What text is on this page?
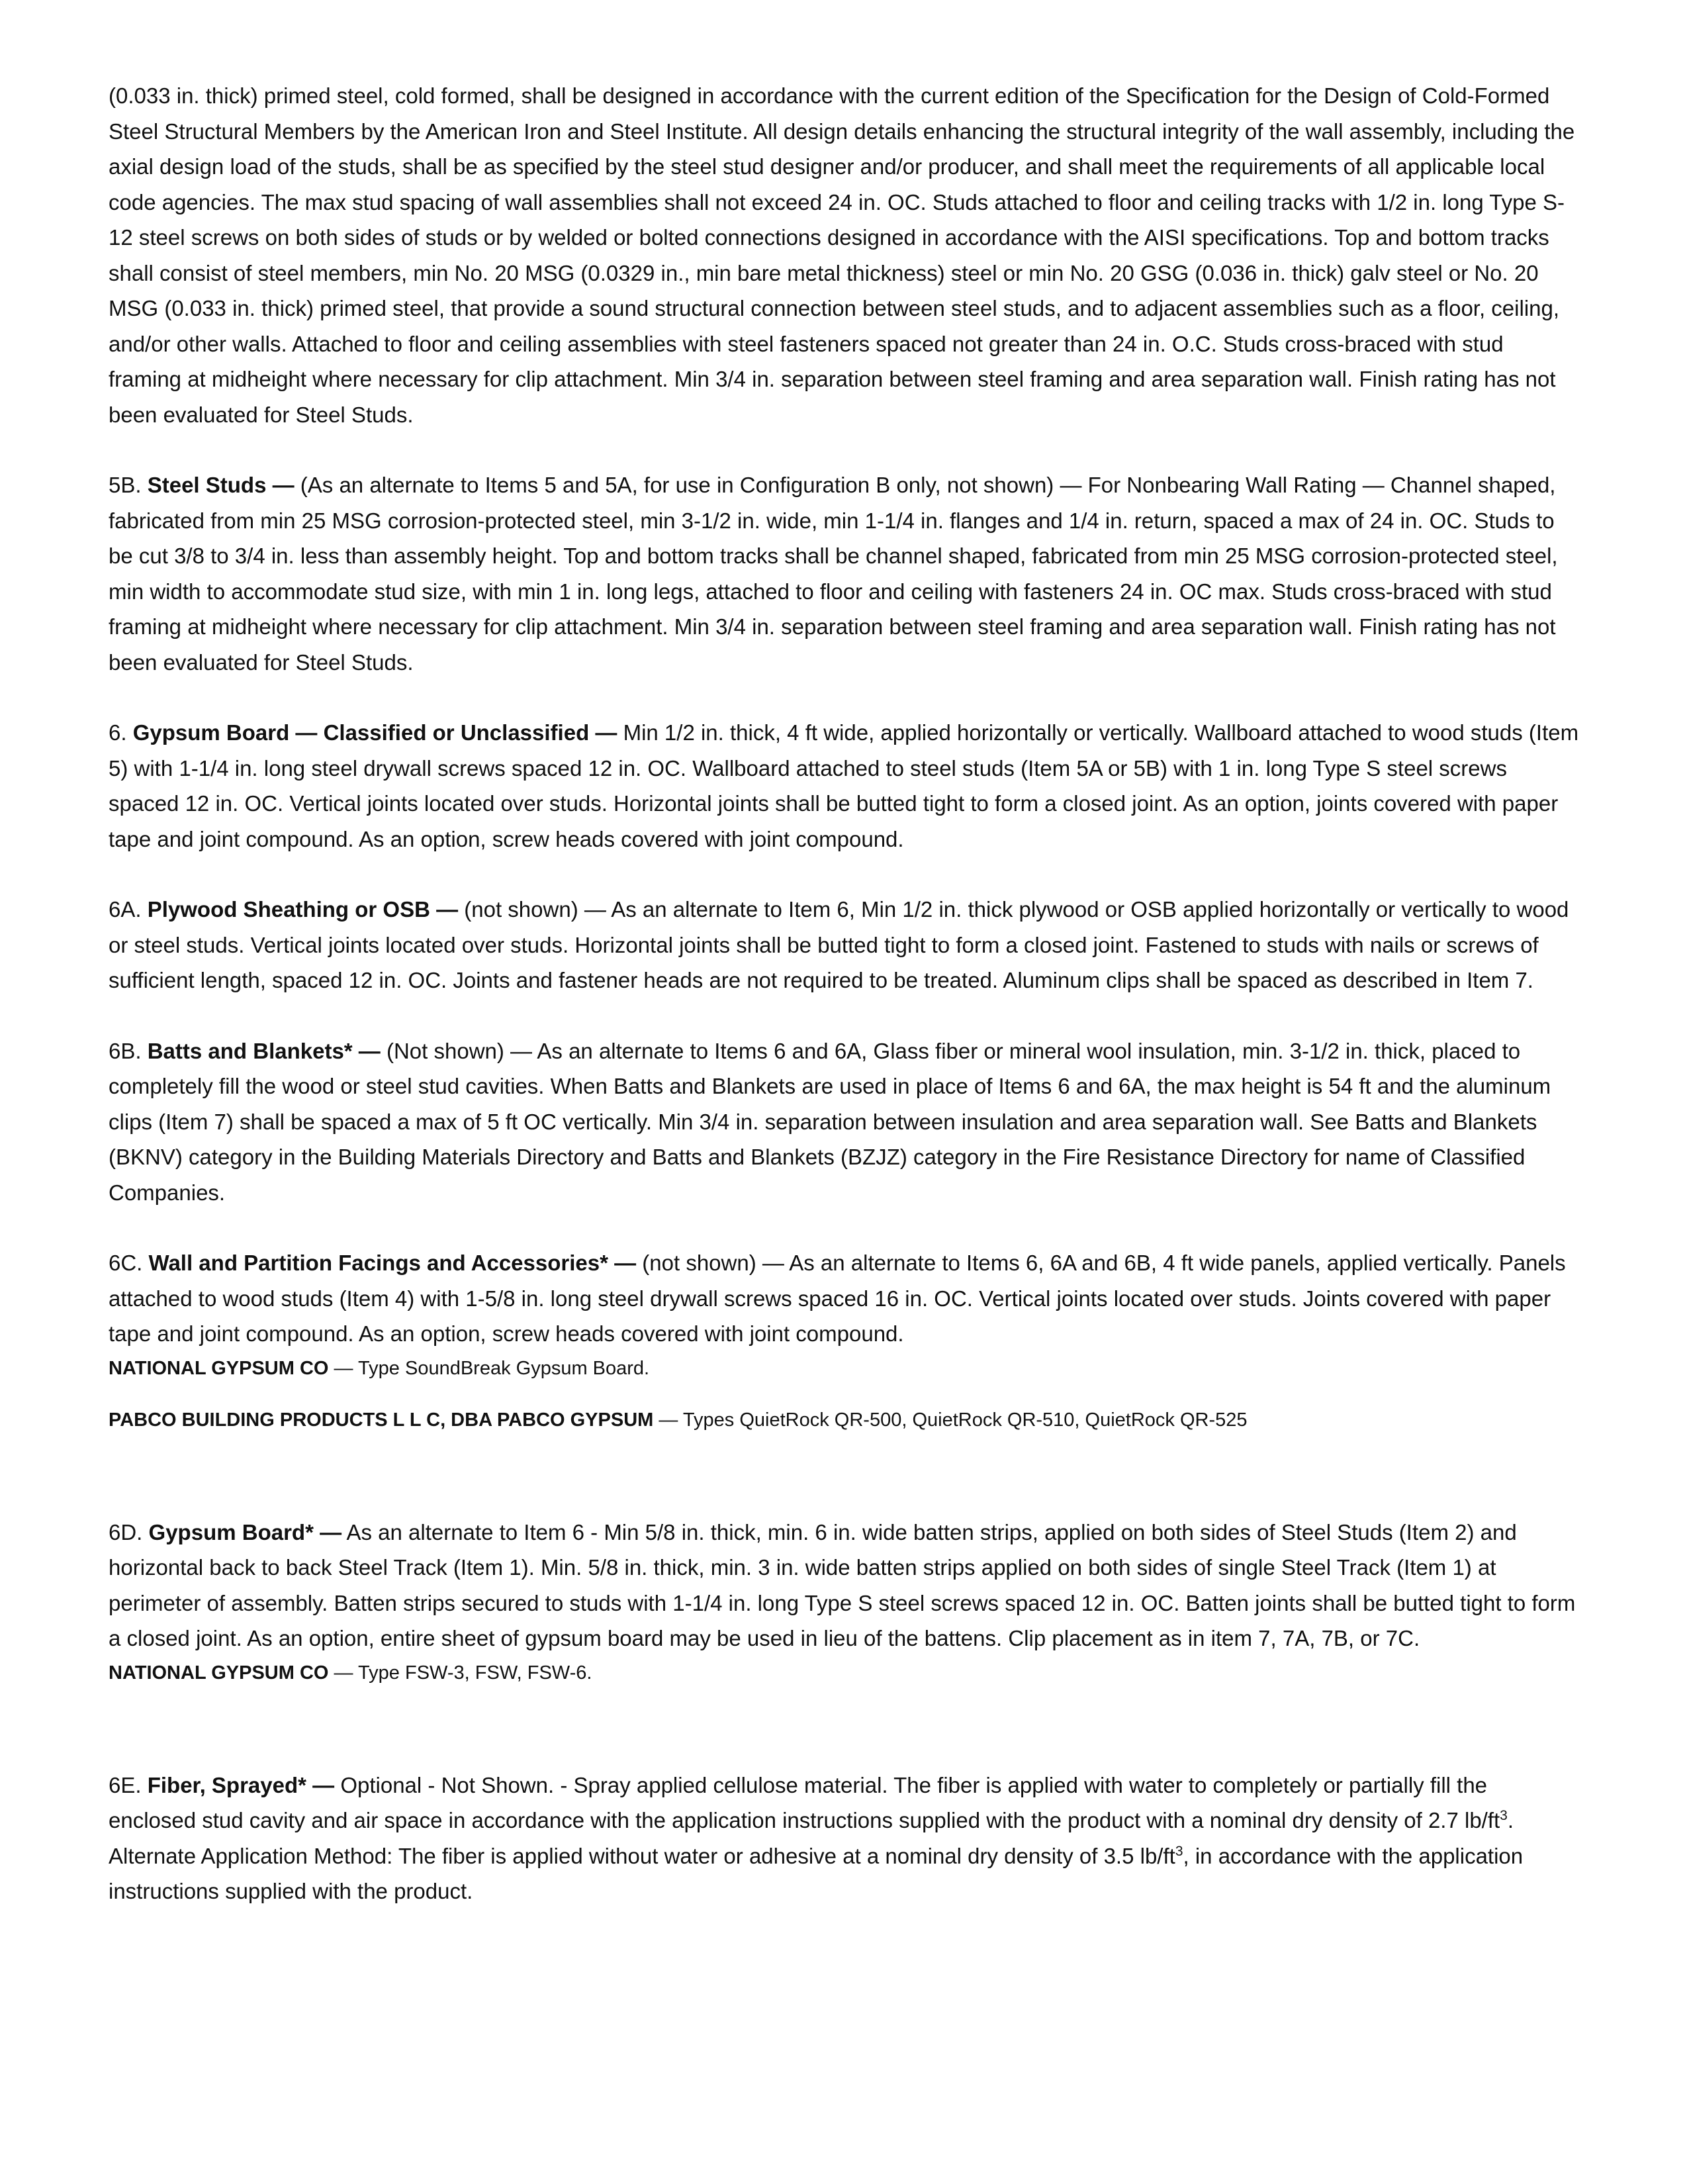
(0.033 in. thick) primed steel, cold formed, shall be designed in accordance with the current edition of the Specification for the Design of Cold-Formed Steel Structural Members by the American Iron and Steel Institute. All design details enhancing the structural integrity of the wall assembly, including the axial design load of the studs, shall be as specified by the steel stud designer and/or producer, and shall meet the requirements of all applicable local code agencies. The max stud spacing of wall assemblies shall not exceed 24 in. OC. Studs attached to floor and ceiling tracks with 1/2 in. long Type S-12 steel screws on both sides of studs or by welded or bolted connections designed in accordance with the AISI specifications. Top and bottom tracks shall consist of steel members, min No. 20 MSG (0.0329 in., min bare metal thickness) steel or min No. 20 GSG (0.036 in. thick) galv steel or No. 20 MSG (0.033 in. thick) primed steel, that provide a sound structural connection between steel studs, and to adjacent assemblies such as a floor, ceiling, and/or other walls. Attached to floor and ceiling assemblies with steel fasteners spaced not greater than 24 in. O.C. Studs cross-braced with stud framing at midheight where necessary for clip attachment. Min 3/4 in. separation between steel framing and area separation wall. Finish rating has not been evaluated for Steel Studs.

5B. Steel Studs — (As an alternate to Items 5 and 5A, for use in Configuration B only, not shown) — For Nonbearing Wall Rating — Channel shaped, fabricated from min 25 MSG corrosion-protected steel, min 3-1/2 in. wide, min 1-1/4 in. flanges and 1/4 in. return, spaced a max of 24 in. OC. Studs to be cut 3/8 to 3/4 in. less than assembly height. Top and bottom tracks shall be channel shaped, fabricated from min 25 MSG corrosion-protected steel, min width to accommodate stud size, with min 1 in. long legs, attached to floor and ceiling with fasteners 24 in. OC max. Studs cross-braced with stud framing at midheight where necessary for clip attachment. Min 3/4 in. separation between steel framing and area separation wall. Finish rating has not been evaluated for Steel Studs.

6. Gypsum Board — Classified or Unclassified — Min 1/2 in. thick, 4 ft wide, applied horizontally or vertically. Wallboard attached to wood studs (Item 5) with 1-1/4 in. long steel drywall screws spaced 12 in. OC. Wallboard attached to steel studs (Item 5A or 5B) with 1 in. long Type S steel screws spaced 12 in. OC. Vertical joints located over studs. Horizontal joints shall be butted tight to form a closed joint. As an option, joints covered with paper tape and joint compound. As an option, screw heads covered with joint compound.

6A. Plywood Sheathing or OSB — (not shown) — As an alternate to Item 6, Min 1/2 in. thick plywood or OSB applied horizontally or vertically to wood or steel studs. Vertical joints located over studs. Horizontal joints shall be butted tight to form a closed joint. Fastened to studs with nails or screws of sufficient length, spaced 12 in. OC. Joints and fastener heads are not required to be treated. Aluminum clips shall be spaced as described in Item 7.

6B. Batts and Blankets* — (Not shown) — As an alternate to Items 6 and 6A, Glass fiber or mineral wool insulation, min. 3-1/2 in. thick, placed to completely fill the wood or steel stud cavities. When Batts and Blankets are used in place of Items 6 and 6A, the max height is 54 ft and the aluminum clips (Item 7) shall be spaced a max of 5 ft OC vertically. Min 3/4 in. separation between insulation and area separation wall. See Batts and Blankets (BKNV) category in the Building Materials Directory and Batts and Blankets (BZJZ) category in the Fire Resistance Directory for name of Classified Companies.

6C. Wall and Partition Facings and Accessories* — (not shown) — As an alternate to Items 6, 6A and 6B, 4 ft wide panels, applied vertically. Panels attached to wood studs (Item 4) with 1-5/8 in. long steel drywall screws spaced 16 in. OC. Vertical joints located over studs. Joints covered with paper tape and joint compound. As an option, screw heads covered with joint compound.

NATIONAL GYPSUM CO — Type SoundBreak Gypsum Board.

PABCO BUILDING PRODUCTS L L C, DBA PABCO GYPSUM — Types QuietRock QR-500, QuietRock QR-510, QuietRock QR-525

6D. Gypsum Board* — As an alternate to Item 6 - Min 5/8 in. thick, min. 6 in. wide batten strips, applied on both sides of Steel Studs (Item 2) and horizontal back to back Steel Track (Item 1). Min. 5/8 in. thick, min. 3 in. wide batten strips applied on both sides of single Steel Track (Item 1) at perimeter of assembly. Batten strips secured to studs with 1-1/4 in. long Type S steel screws spaced 12 in. OC. Batten joints shall be butted tight to form a closed joint. As an option, entire sheet of gypsum board may be used in lieu of the battens. Clip placement as in item 7, 7A, 7B, or 7C.

NATIONAL GYPSUM CO — Type FSW-3, FSW, FSW-6.

6E. Fiber, Sprayed* — Optional - Not Shown. - Spray applied cellulose material. The fiber is applied with water to completely or partially fill the enclosed stud cavity and air space in accordance with the application instructions supplied with the product with a nominal dry density of 2.7 $lb/ft^3$. Alternate Application Method: The fiber is applied without water or adhesive at a nominal dry density of 3.5 $lb/ft^3$, in accordance with the application instructions supplied with the product.
